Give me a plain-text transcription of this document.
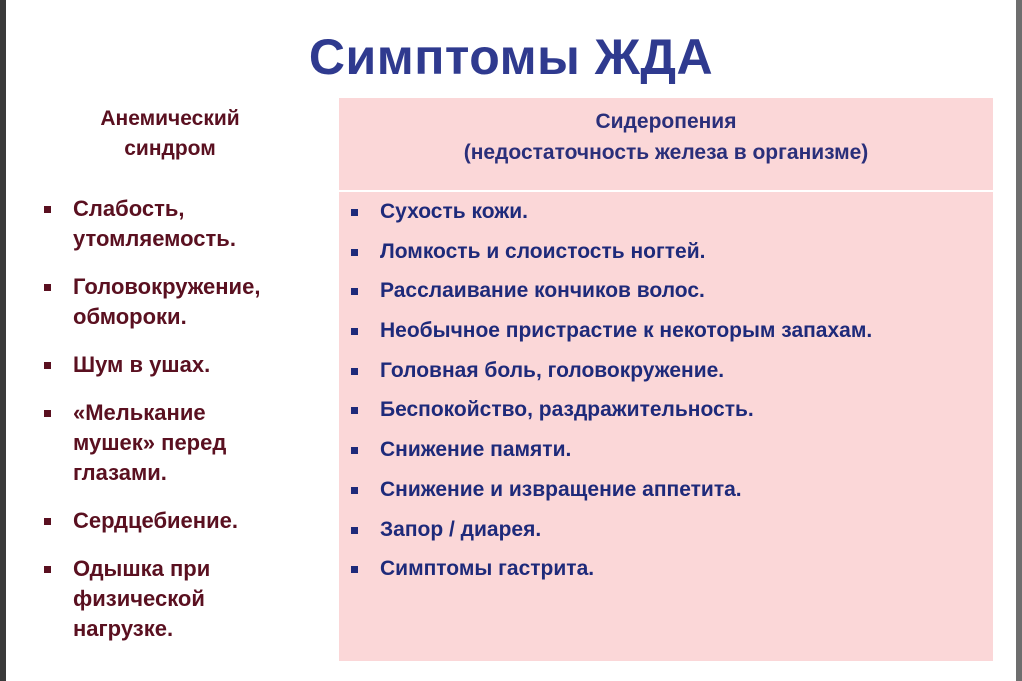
Симптомы ЖДА
Анемический
синдром
Слабость,
утомляемость.
Головокружение,
обмороки.
Шум в ушах.
«Мелькание
мушек» перед
глазами.
Сердцебиение.
Одышка при
физической
нагрузке.
Сидеропения
(недостаточность железа в организме)
Сухость кожи.
Ломкость и слоистость ногтей.
Расслаивание кончиков волос.
Необычное пристрастие к некоторым запахам.
Головная боль, головокружение.
Беспокойство, раздражительность.
Снижение памяти.
Снижение и извращение аппетита.
Запор / диарея.
Симптомы гастрита.
